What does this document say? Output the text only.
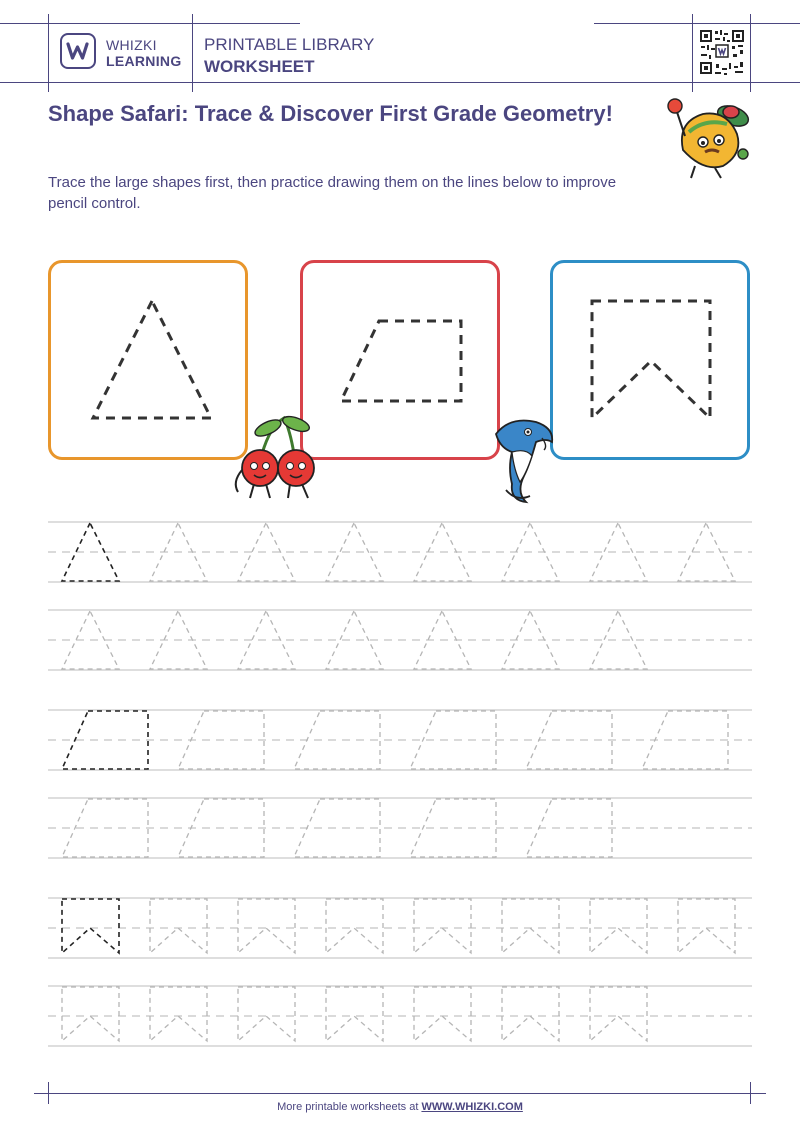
WHIZKI
LEARNING
PRINTABLE LIBRARY
WORKSHEET
Shape Safari: Trace & Discover First Grade Geometry!
Trace the large shapes first, then practice drawing them on the lines below to improve pencil control.
More printable worksheets at WWW.WHIZKI.COM
